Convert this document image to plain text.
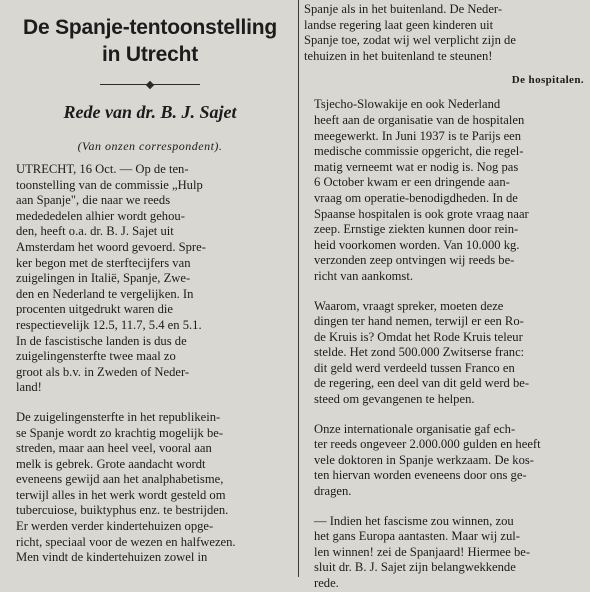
De Spanje-tentoonstelling
in Utrecht
Rede van dr. B. J. Sajet
(Van onzen correspondent).
UTRECHT, 16 Oct. — Op de ten-
toonstelling van de commissie „Hulp
aan Spanje", die naar we reeds
medededelen alhier wordt gehou-
den, heeft o.a. dr. B. J. Sajet uit
Amsterdam het woord gevoerd. Spre-
ker begon met de sterftecijfers van
zuigelingen in Italië, Spanje, Zwe-
den en Nederland te vergelijken. In
procenten uitgedrukt waren die
respectievelijk 12.5, 11.7, 5.4 en 5.1.
In de fascistische landen is dus de
zuigelingensterfte twee maal zo
groot als b.v. in Zweden of Neder-
land!
De zuigelingensterfte in het republikein-
se Spanje wordt zo krachtig mogelijk be-
streden, maar aan heel veel, vooral aan
melk is gebrek. Grote aandacht wordt
eveneens gewijd aan het analphabetisme,
terwijl alles in het werk wordt gesteld om
tubercuiose, buiktyphus enz. te bestrijden.
Er werden verder kindertehuizen opge-
richt, speciaal voor de wezen en halfwezen.
Men vindt de kindertehuizen zowel in
Spanje als in het buitenland. De Neder-
landse regering laat geen kinderen uit
Spanje toe, zodat wij wel verplicht zijn de
tehuizen in het buitenland te steunen!
De hospitalen.
Tsjecho-Slowakije en ook Nederland
heeft aan de organisatie van de hospitalen
meegewerkt. In Juni 1937 is te Parijs een
medische commissie opgericht, die regel-
matig verneemt wat er nodig is. Nog pas
6 October kwam er een dringende aan-
vraag om operatie-benodigdheden. In de
Spaanse hospitalen is ook grote vraag naar
zeep. Ernstige ziekten kunnen door rein-
heid voorkomen worden. Van 10.000 kg.
verzonden zeep ontvingen wij reeds be-
richt van aankomst.
Waarom, vraagt spreker, moeten deze
dingen ter hand nemen, terwijl er een Ro-
de Kruis is? Omdat het Rode Kruis teleur
stelde. Het zond 500.000 Zwitserse franc:
dit geld werd verdeeld tussen Franco en
de regering, een deel van dit geld werd be-
steed om gevangenen te helpen.
Onze internationale organisatie gaf ech-
ter reeds ongeveer 2.000.000 gulden en heeft
vele doktoren in Spanje werkzaam. De kos-
ten hiervan worden eveneens door ons ge-
dragen.
— Indien het fascisme zou winnen, zou
het gans Europa aantasten. Maar wij zul-
len winnen! zei de Spanjaard! Hiermee be-
sluit dr. B. J. Sajet zijn belangwekkende
rede.
